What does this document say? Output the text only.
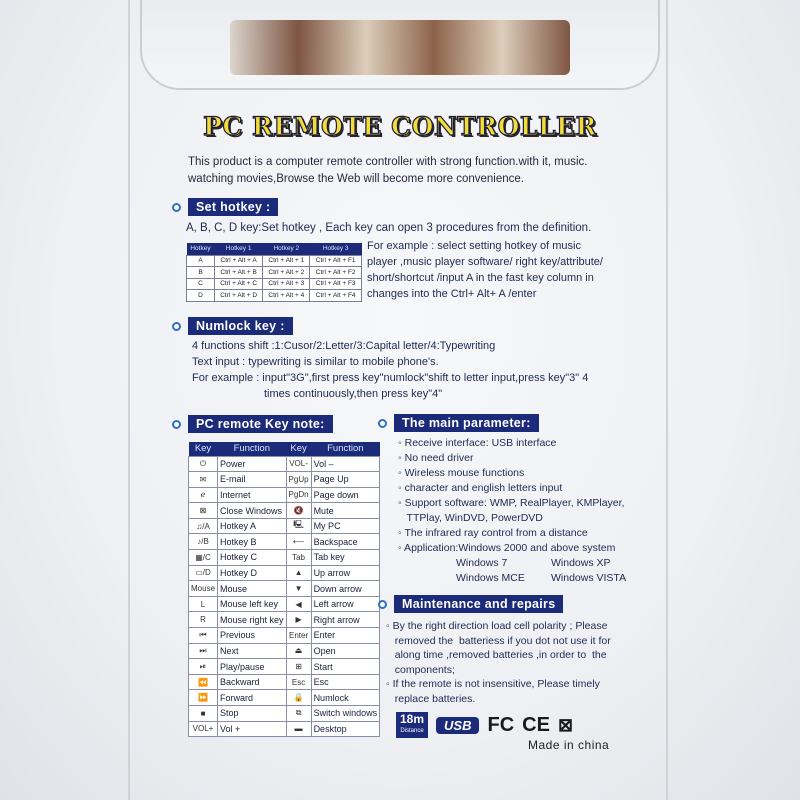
PC REMOTE CONTROLLER
This product is a computer remote controller with strong function.with it, music.
watching movies,Browse the Web will become more convenience.
Set hotkey :
A, B, C, D key:Set hotkey , Each key can open 3 procedures from the definition.
Hotkey	Hotkey 1	Hotkey 2	Hotkey 3
A	Ctrl + Alt + A	Ctrl + Alt + 1	Ctrl + Alt + F1
B	Ctrl + Alt + B	Ctrl + Alt + 2	Ctrl + Alt + F2
C	Ctrl + Alt + C	Ctrl + Alt + 3	Ctrl + Alt + F3
D	Ctrl + Alt + D	Ctrl + Alt + 4	Ctrl + Alt + F4
For example : select setting hotkey of music
player ,music player software/ right key/attribute/
short/shortcut /input A in the fast key column in
changes into the Ctrl+ Alt+ A /enter
Numlock key :
4 functions shift :1:Cusor/2:Letter/3:Capital letter/4:Typewriting
Text input : typewriting is similar to mobile phone's.
For example : input"3G",first press key"numlock"shift to letter input,press key"3" 4
times continuously,then press key"4"
PC remote Key note:
Key	Function	Key	Function
⏻	Power	VOL-	Vol –
✉	E-mail	PgUp	Page Up
ℯ	Internet	PgDn	Page down
⊠	Close Windows	🔇	Mute
♫/A	Hotkey A	🖳	My PC
♪/B	Hotkey B	⟵	Backspace
▦/C	Hotkey C	Tab	Tab key
▭/D	Hotkey D	▲	Up arrow
Mouse	Mouse	▼	Down arrow
L	Mouse left key	◀	Left arrow
R	Mouse right key	▶	Right arrow
⏮	Previous	Enter	Enter
⏭	Next	⏏	Open
⏯	Play/pause	⊞	Start
⏪	Backward	Esc	Esc
⏩	Forward	🔒	Numlock
■	Stop	⧉	Switch windows
VOL+	Vol +	▬	Desktop
The main parameter:
◦ Receive interface: USB interface
◦ No need driver
◦ Wireless mouse functions
◦ character and english letters input
◦ Support software: WMP, RealPlayer, KMPlayer,
TTPlay, WinDVD, PowerDVD
◦ The infrared ray control from a distance
◦ Application:Windows 2000 and above system
Windows 7	Windows XP
Windows MCE	Windows VISTA
Maintenance and repairs
◦ By the right direction load cell polarity ; Please
removed the  batteriess if you dot not use it for
along time ,removed batteries ,in order to  the
components;
◦ If the remote is not insensitive, Please timely
replace batteries.
18m
Distance	USB FC CE ⊠
Made in china
